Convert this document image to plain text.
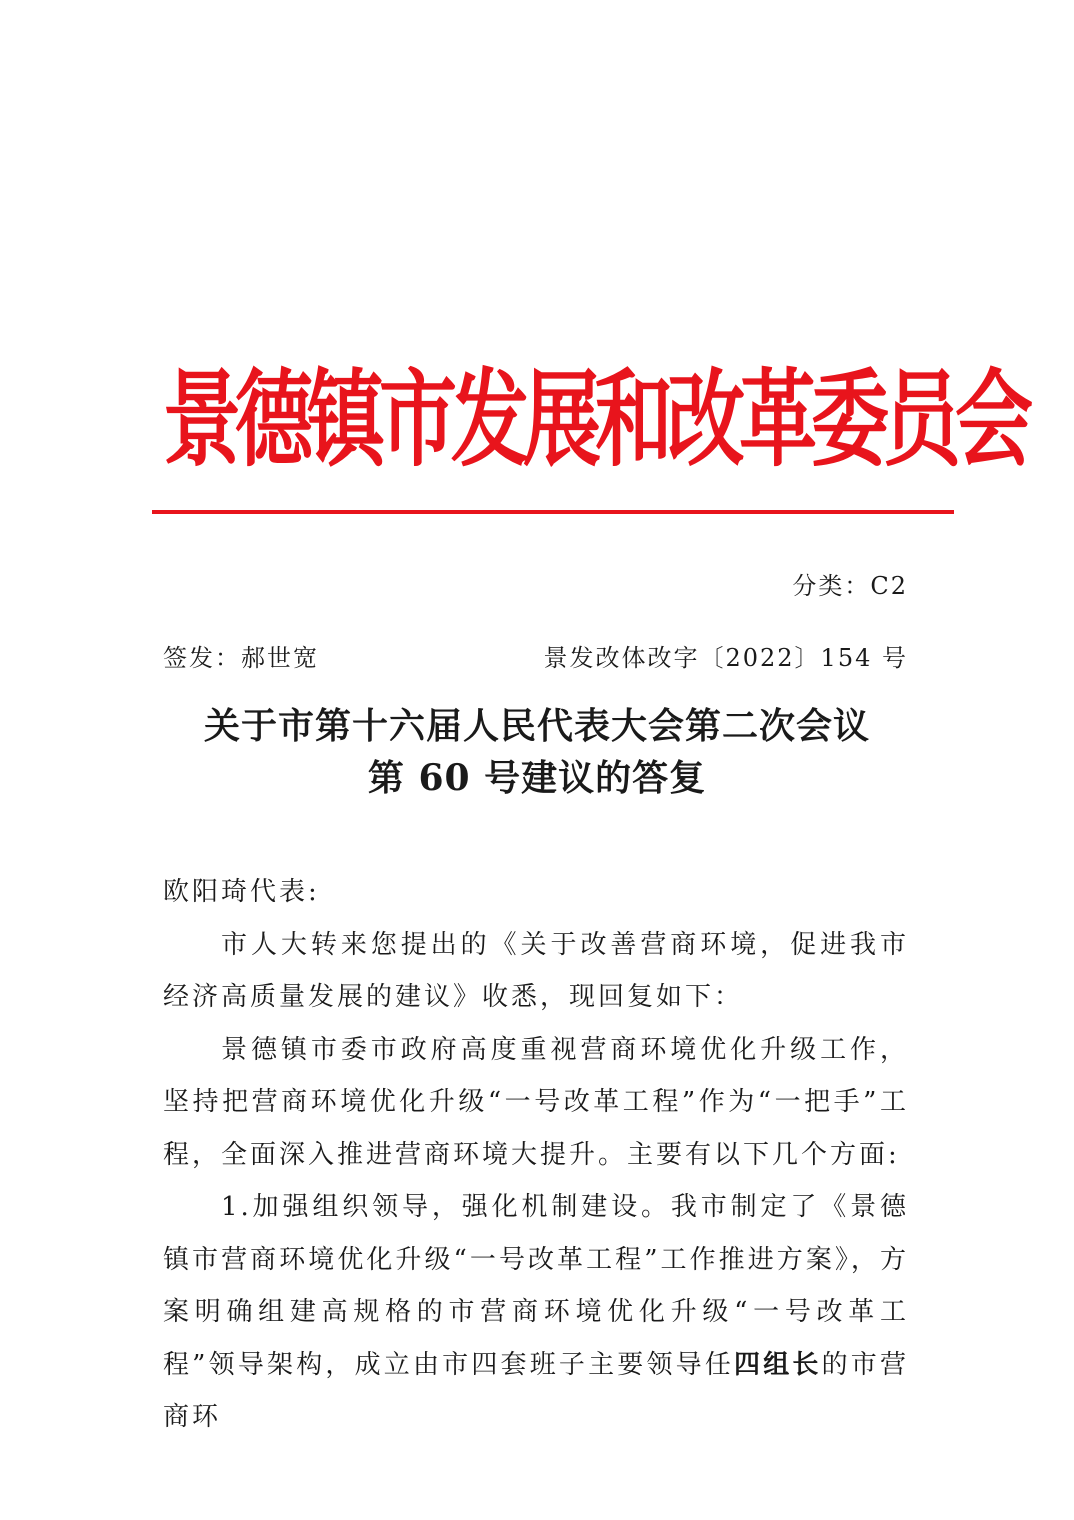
景德镇市发展和改革委员会
分类：C2
签发：郝世宽	景发改体改字〔2022〕154 号
关于市第十六届人民代表大会第二次会议
第 60 号建议的答复

欧阳琦代表:

市人大转来您提出的《关于改善营商环境，促进我市经济高质量发展的建议》收悉，现回复如下：

景德镇市委市政府高度重视营商环境优化升级工作，坚持把营商环境优化升级“一号改革工程”作为“一把手”工程，全面深入推进营商环境大提升。主要有以下几个方面:

1.加强组织领导，强化机制建设。我市制定了《景德镇市营商环境优化升级“一号改革工程”工作推进方案》，方案明确组建高规格的市营商环境优化升级“一号改革工程”领导架构，成立由市四套班子主要领导任四组长的市营商环
